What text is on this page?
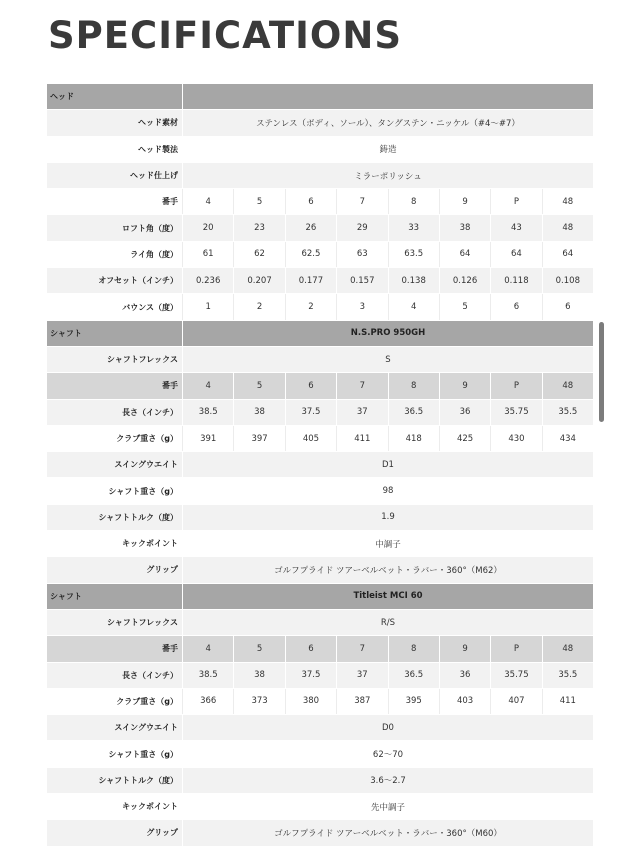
SPECIFICATIONS
ヘッド
ヘッド素材	ステンレス（ボディ、ソール）、タングステン・ニッケル（#4〜#7）
ヘッド製法	鋳造
ヘッド仕上げ	ミラーポリッシュ
番手	4	5	6	7	8	9	P	48
ロフト角（度）	20	23	26	29	33	38	43	48
ライ角（度）	61	62	62.5	63	63.5	64	64	64
オフセット（インチ）	0.236	0.207	0.177	0.157	0.138	0.126	0.118	0.108
バウンス（度）	1	2	2	3	4	5	6	6
シャフト	N.S.PRO 950GH
シャフトフレックス	S
番手	4	5	6	7	8	9	P	48
長さ（インチ）	38.5	38	37.5	37	36.5	36	35.75	35.5
クラブ重さ（g）	391	397	405	411	418	425	430	434
スイングウエイト	D1
シャフト重さ（g）	98
シャフトトルク（度）	1.9
キックポイント	中調子
グリップ	ゴルフプライド ツアーベルベット・ラバー・360°（M62）
シャフト	Titleist MCI 60
シャフトフレックス	R/S
番手	4	5	6	7	8	9	P	48
長さ（インチ）	38.5	38	37.5	37	36.5	36	35.75	35.5
クラブ重さ（g）	366	373	380	387	395	403	407	411
スイングウエイト	D0
シャフト重さ（g）	62〜70
シャフトトルク（度）	3.6〜2.7
キックポイント	先中調子
グリップ	ゴルフプライド ツアーベルベット・ラバー・360°（M60）
